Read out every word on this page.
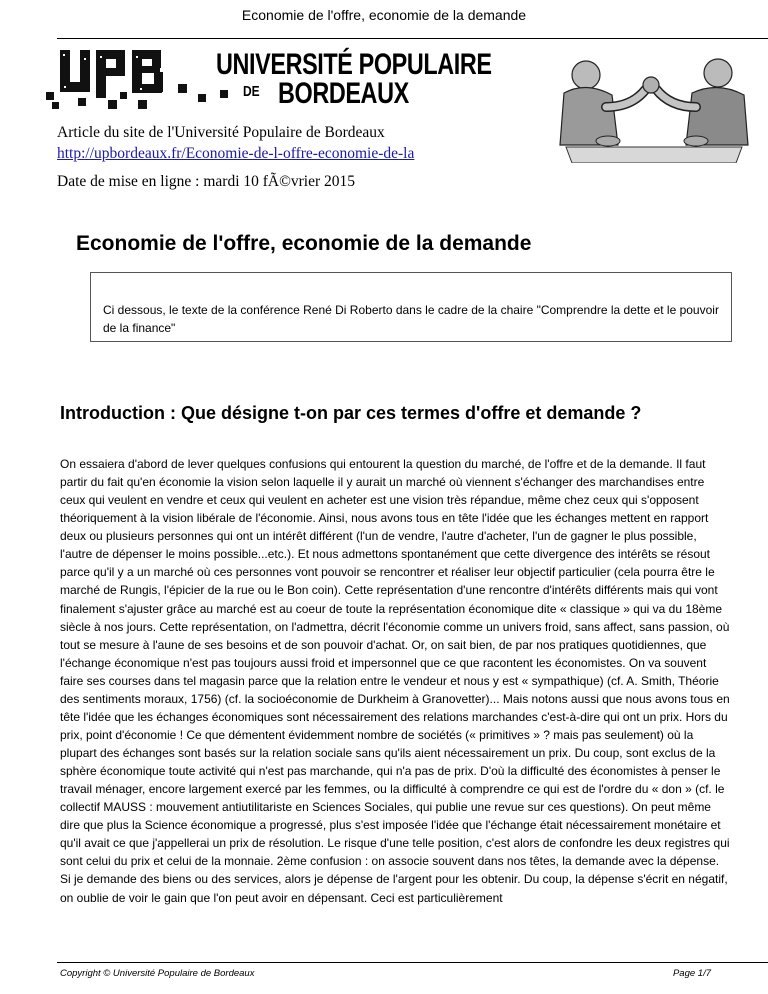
Economie de l'offre, economie de la demande
UNIVERSITÉ POPULAIRE
DE BORDEAUX
Article du site de l'Université Populaire de Bordeaux
http://upbordeaux.fr/Economie-de-l-offre-economie-de-la
Date de mise en ligne : mardi 10 fÃ©vrier 2015
Economie de l'offre, economie de la demande

Ci dessous, le texte de la conférence René Di Roberto dans le cadre de la chaire "Comprendre la dette et le pouvoir de la finance"

Introduction : Que désigne t-on par ces termes d'offre et demande ?

On essaiera d'abord de lever quelques confusions qui entourent la question du marché, de l'offre et de la demande. Il faut partir du fait qu'en économie la vision selon laquelle il y aurait un marché où viennent s'échanger des marchandises entre ceux qui veulent en vendre et ceux qui veulent en acheter est une vision très répandue, même chez ceux qui s'opposent théoriquement à la vision libérale de l'économie. Ainsi, nous avons tous en tête l'idée que les échanges mettent en rapport deux ou plusieurs personnes qui ont un intérêt différent (l'un de vendre, l'autre d'acheter, l'un de gagner le plus possible, l'autre de dépenser le moins possible...etc.). Et nous admettons spontanément que cette divergence des intérêts se résout parce qu'il y a un marché où ces personnes vont pouvoir se rencontrer et réaliser leur objectif particulier (cela pourra être le marché de Rungis, l'épicier de la rue ou le Bon coin). Cette représentation d'une rencontre d'intérêts différents mais qui vont finalement s'ajuster grâce au marché est au coeur de toute la représentation économique dite « classique » qui va du 18ème siècle à nos jours. Cette représentation, on l'admettra, décrit l'économie comme un univers froid, sans affect, sans passion, où tout se mesure à l'aune de ses besoins et de son pouvoir d'achat. Or, on sait bien, de par nos pratiques quotidiennes, que l'échange économique n'est pas toujours aussi froid et impersonnel que ce que racontent les économistes. On va souvent faire ses courses dans tel magasin parce que la relation entre le vendeur et nous y est « sympathique) (cf. A. Smith, Théorie des sentiments moraux, 1756) (cf. la socioéconomie de Durkheim à Granovetter)... Mais notons aussi que nous avons tous en tête l'idée que les échanges économiques sont nécessairement des relations marchandes c'est-à-dire qui ont un prix. Hors du prix, point d'économie ! Ce que démentent évidemment nombre de sociétés (« primitives » ? mais pas seulement) où la plupart des échanges sont basés sur la relation sociale sans qu'ils aient nécessairement un prix. Du coup, sont exclus de la sphère économique toute activité qui n'est pas marchande, qui n'a pas de prix. D'où la difficulté des économistes à penser le travail ménager, encore largement exercé par les femmes, ou la difficulté à comprendre ce qui est de l'ordre du « don » (cf. le collectif MAUSS : mouvement antiutilitariste en Sciences Sociales, qui publie une revue sur ces questions). On peut même dire que plus la Science économique a progressé, plus s'est imposée l'idée que l'échange était nécessairement monétaire et qu'il avait ce que j'appellerai un prix de résolution. Le risque d'une telle position, c'est alors de confondre les deux registres qui sont celui du prix et celui de la monnaie. 2ème confusion : on associe souvent dans nos têtes, la demande avec la dépense. Si je demande des biens ou des services, alors je dépense de l'argent pour les obtenir. Du coup, la dépense s'écrit en négatif, on oublie de voir le gain que l'on peut avoir en dépensant. Ceci est particulièrement

Copyright © Université Populaire de Bordeaux	Page 1/7
